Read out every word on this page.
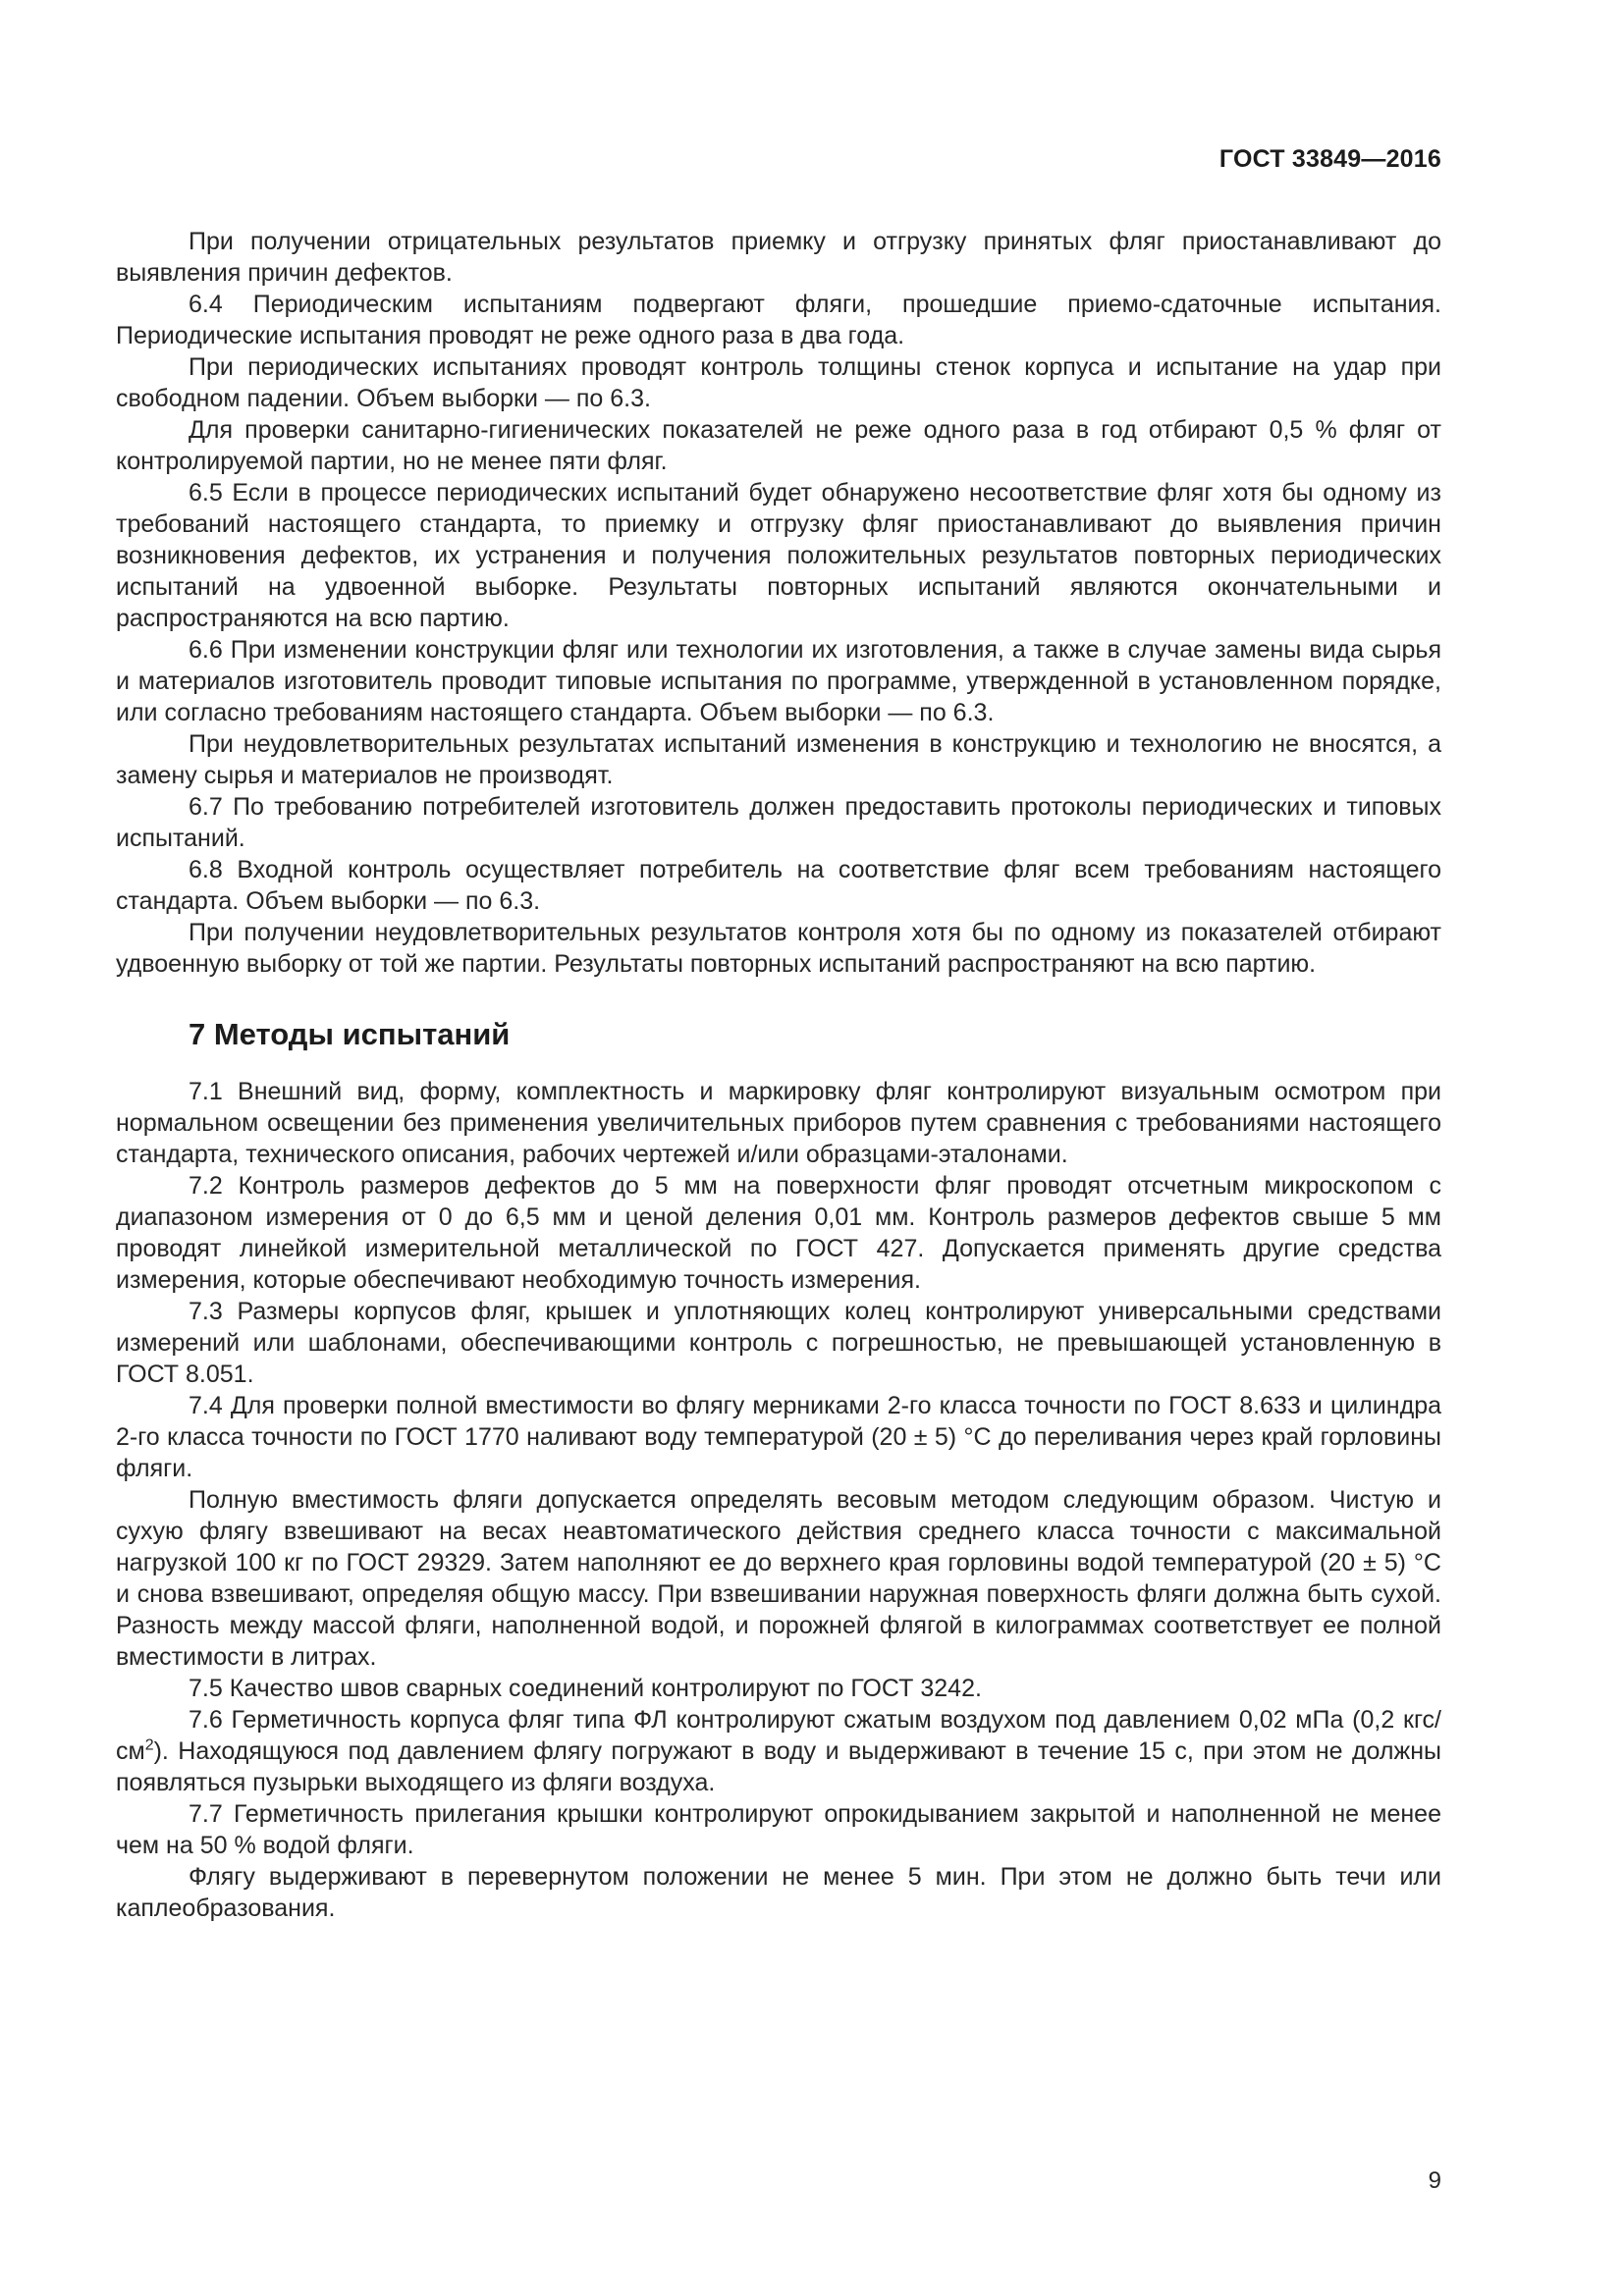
ГОСТ 33849—2016

При получении отрицательных результатов приемку и отгрузку принятых фляг приостанавливают до выявления причин дефектов.

6.4 Периодическим испытаниям подвергают фляги, прошедшие приемо-сдаточные испытания. Периодические испытания проводят не реже одного раза в два года.

При периодических испытаниях проводят контроль толщины стенок корпуса и испытание на удар при свободном падении. Объем выборки — по 6.3.

Для проверки санитарно-гигиенических показателей не реже одного раза в год отбирают 0,5 % фляг от контролируемой партии, но не менее пяти фляг.

6.5 Если в процессе периодических испытаний будет обнаружено несоответствие фляг хотя бы одному из требований настоящего стандарта, то приемку и отгрузку фляг приостанавливают до выявления причин возникновения дефектов, их устранения и получения положительных результатов повторных периодических испытаний на удвоенной выборке. Результаты повторных испытаний являются окончательными и распространяются на всю партию.

6.6 При изменении конструкции фляг или технологии их изготовления, а также в случае замены вида сырья и материалов изготовитель проводит типовые испытания по программе, утвержденной в установленном порядке, или согласно требованиям настоящего стандарта. Объем выборки — по 6.3.

При неудовлетворительных результатах испытаний изменения в конструкцию и технологию не вносятся, а замену сырья и материалов не производят.

6.7 По требованию потребителей изготовитель должен предоставить протоколы периодических и типовых испытаний.

6.8 Входной контроль осуществляет потребитель на соответствие фляг всем требованиям настоящего стандарта. Объем выборки — по 6.3.

При получении неудовлетворительных результатов контроля хотя бы по одному из показателей отбирают удвоенную выборку от той же партии. Результаты повторных испытаний распространяют на всю партию.

7 Методы испытаний

7.1 Внешний вид, форму, комплектность и маркировку фляг контролируют визуальным осмотром при нормальном освещении без применения увеличительных приборов путем сравнения с требованиями настоящего стандарта, технического описания, рабочих чертежей и/или образцами-эталонами.

7.2 Контроль размеров дефектов до 5 мм на поверхности фляг проводят отсчетным микроскопом с диапазоном измерения от 0 до 6,5 мм и ценой деления 0,01 мм. Контроль размеров дефектов свыше 5 мм проводят линейкой измерительной металлической по ГОСТ 427. Допускается применять другие средства измерения, которые обеспечивают необходимую точность измерения.

7.3 Размеры корпусов фляг, крышек и уплотняющих колец контролируют универсальными средствами измерений или шаблонами, обеспечивающими контроль с погрешностью, не превышающей установленную в ГОСТ 8.051.

7.4 Для проверки полной вместимости во флягу мерниками 2-го класса точности по ГОСТ 8.633 и цилиндра 2-го класса точности по ГОСТ 1770 наливают воду температурой (20 ± 5) °С до переливания через край горловины фляги.

Полную вместимость фляги допускается определять весовым методом следующим образом. Чистую и сухую флягу взвешивают на весах неавтоматического действия среднего класса точности с максимальной нагрузкой 100 кг по ГОСТ 29329. Затем наполняют ее до верхнего края горловины водой температурой (20 ± 5) °С и снова взвешивают, определяя общую массу. При взвешивании наружная поверхность фляги должна быть сухой. Разность между массой фляги, наполненной водой, и порожней флягой в килограммах соответствует ее полной вместимости в литрах.

7.5 Качество швов сварных соединений контролируют по ГОСТ 3242.

7.6 Герметичность корпуса фляг типа ФЛ контролируют сжатым воздухом под давлением 0,02 мПа (0,2 кгс/$см^2$). Находящуюся под давлением флягу погружают в воду и выдерживают в течение 15 с, при этом не должны появляться пузырьки выходящего из фляги воздуха.

7.7 Герметичность прилегания крышки контролируют опрокидыванием закрытой и наполненной не менее чем на 50 % водой фляги.

Флягу выдерживают в перевернутом положении не менее 5 мин. При этом не должно быть течи или каплеобразования.

9
